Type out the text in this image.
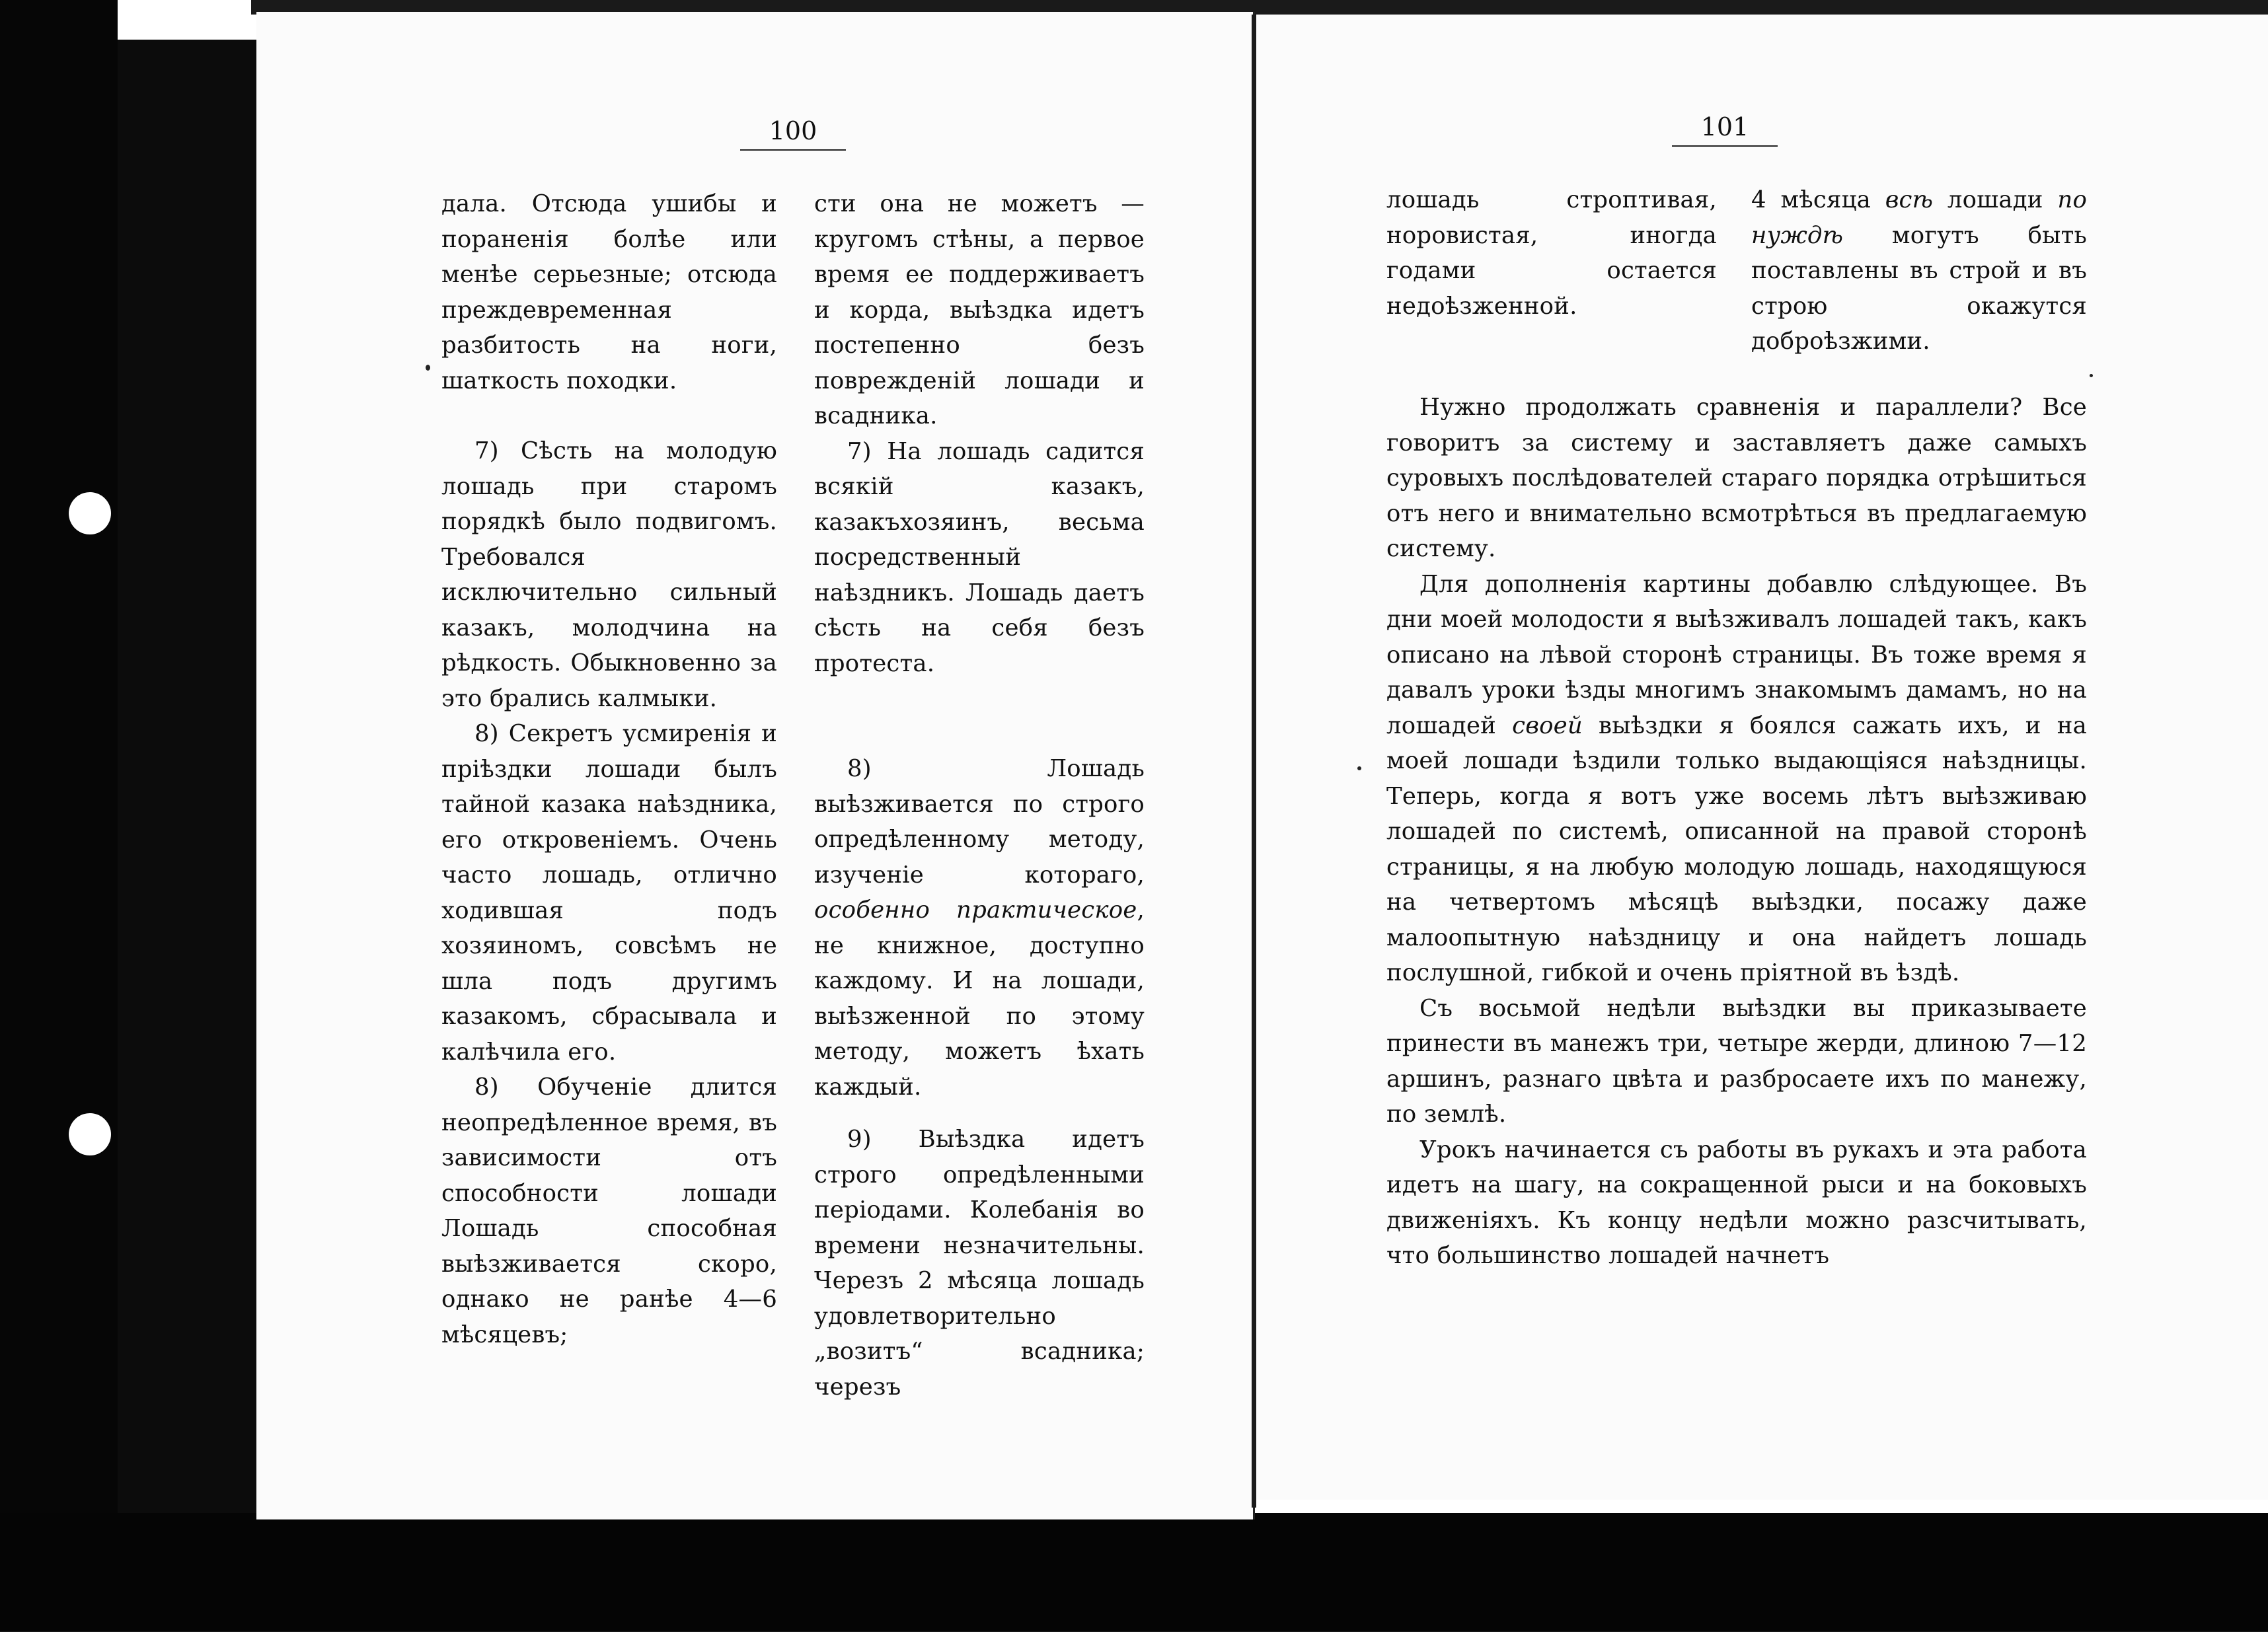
100	101

дала. Отсюда ушибы и пораненія болѣе или менѣе серьезные; отсюда преждевременная разбитость на ноги, шаткость походки.

7) Сѣсть на молодую лошадь при старомъ порядкѣ было подвигомъ. Требовался исключительно сильный казакъ, молодчина на рѣдкость. Обыкновенно за это брались калмыки.

8) Секретъ усмиренія и пріѣздки лошади былъ тайной казака наѣздника, его откровеніемъ. Очень часто лошадь, отлично ходившая подъ хозяиномъ, совсѣмъ не шла подъ другимъ казакомъ, сбрасывала и калѣчила его.

8) Обученіе длится неопредѣленное время, въ зависимости отъ способности лошади Лошадь способная выѣзживается скоро, однако не ранѣе 4—6 мѣсяцевъ;

сти она не можетъ — кругомъ стѣны, а первое время ее поддерживаетъ и корда, выѣздка идетъ постепенно безъ поврежденій лошади и всадника.

7) На лошадь садится всякій казакъ, казакъхозяинъ, весьма посредственный наѣздникъ. Лошадь даетъ сѣсть на себя безъ протеста.

8) Лошадь выѣзживается по строго опредѣленному методу, изученіе котораго, особенно практическое, не книжное, доступно каждому. И на лошади, выѣзженной по этому методу, можетъ ѣхать каждый.

9) Выѣздка идетъ строго опредѣленными періодами. Колебанія во времени незначительны. Черезъ 2 мѣсяца лошадь удовлетворительно „возитъ“ всадника; черезъ

лошадь строптивая, норовистая, иногда годами остается недоѣзженной.

4 мѣсяца всѣ лошади по нуждѣ могутъ быть поставлены въ строй и въ строю окажутся доброѣзжими.

Нужно продолжать сравненія и параллели? Все говоритъ за систему и заставляетъ даже самыхъ суровыхъ послѣдователей стараго порядка отрѣшиться отъ него и внимательно всмотрѣться въ предлагаемую систему.

Для дополненія картины добавлю слѣдующее. Въ дни моей молодости я выѣзживалъ лошадей такъ, какъ описано на лѣвой сторонѣ страницы. Въ тоже время я давалъ уроки ѣзды многимъ знакомымъ дамамъ, но на лошадей своей выѣздки я боялся сажать ихъ, и на моей лошади ѣздили только выдающіяся наѣздницы. Теперь, когда я вотъ уже восемь лѣтъ выѣзживаю лошадей по системѣ, описанной на правой сторонѣ страницы, я на любую молодую лошадь, находящуюся на четвертомъ мѣсяцѣ выѣздки, посажу даже малоопытную наѣздницу и она найдетъ лошадь послушной, гибкой и очень пріятной въ ѣздѣ.

Съ восьмой недѣли выѣздки вы приказываете принести въ манежъ три, четыре жерди, длиною 7—12 аршинъ, разнаго цвѣта и разбросаете ихъ по манежу, по землѣ.

Урокъ начинается съ работы въ рукахъ и эта работа идетъ на шагу, на сокращенной рыси и на боковыхъ движеніяхъ. Къ концу недѣли можно разсчитывать, что большинство лошадей начнетъ
